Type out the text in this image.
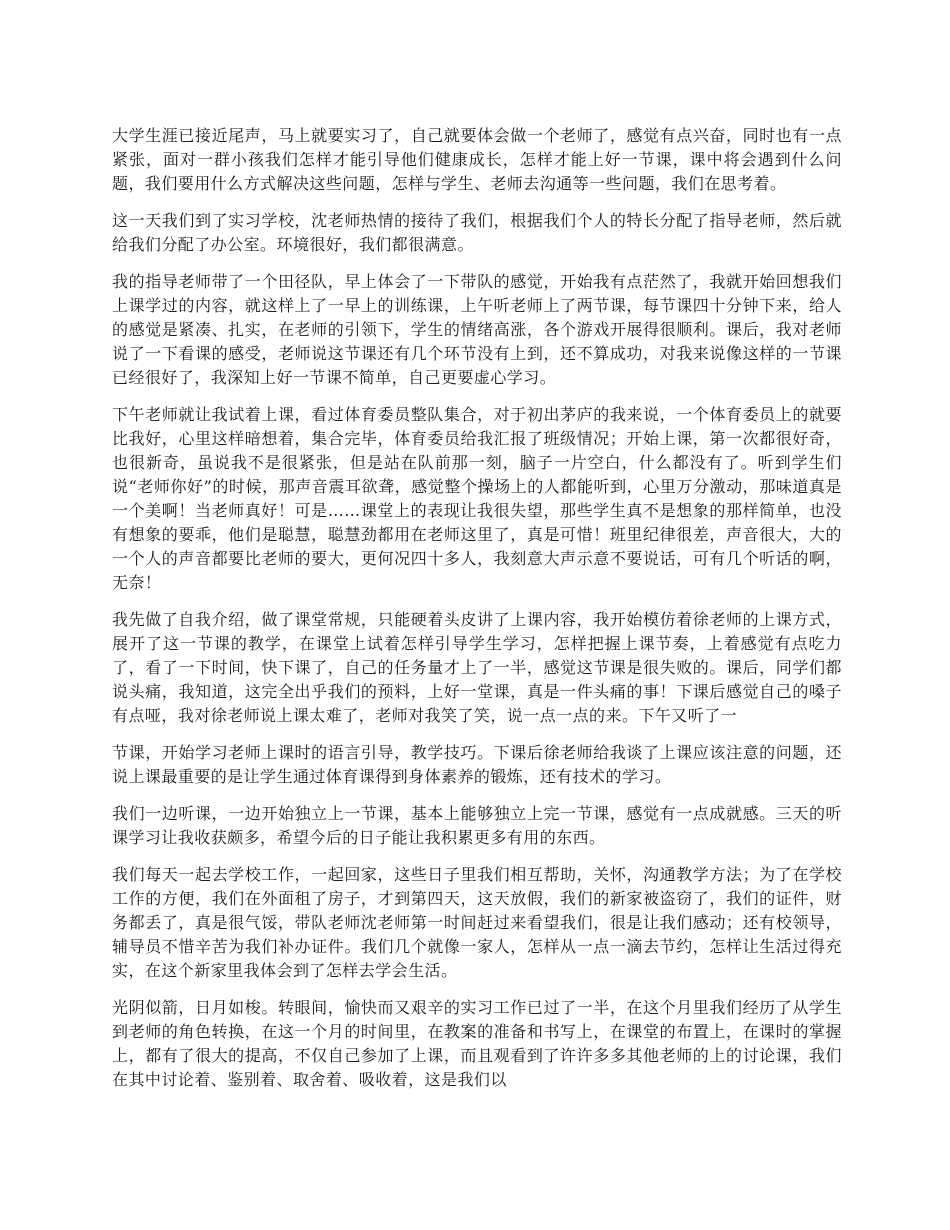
大学生涯已接近尾声，马上就要实习了，自己就要体会做一个老师了，感觉有点兴奋，同时也有一点紧张，面对一群小孩我们怎样才能引导他们健康成长，怎样才能上好一节课，课中将会遇到什么问题，我们要用什么方式解决这些问题，怎样与学生、老师去沟通等一些问题，我们在思考着。

这一天我们到了实习学校，沈老师热情的接待了我们，根据我们个人的特长分配了指导老师，然后就给我们分配了办公室。环境很好，我们都很满意。

我的指导老师带了一个田径队，早上体会了一下带队的感觉，开始我有点茫然了，我就开始回想我们上课学过的内容，就这样上了一早上的训练课，上午听老师上了两节课，每节课四十分钟下来，给人的感觉是紧凑、扎实，在老师的引领下，学生的情绪高涨，各个游戏开展得很顺利。课后，我对老师说了一下看课的感受，老师说这节课还有几个环节没有上到，还不算成功，对我来说像这样的一节课已经很好了，我深知上好一节课不简单，自己更要虚心学习。

下午老师就让我试着上课，看过体育委员整队集合，对于初出茅庐的我来说，一个体育委员上的就要比我好，心里这样暗想着，集合完毕，体育委员给我汇报了班级情况；开始上课，第一次都很好奇，也很新奇，虽说我不是很紧张，但是站在队前那一刻，脑子一片空白，什么都没有了。听到学生们说“老师你好”的时候，那声音震耳欲聋，感觉整个操场上的人都能听到，心里万分激动，那味道真是一个美啊！当老师真好！可是……课堂上的表现让我很失望，那些学生真不是想象的那样简单，也没有想象的要乖，他们是聪慧，聪慧劲都用在老师这里了，真是可惜！班里纪律很差，声音很大，大的一个人的声音都要比老师的要大，更何况四十多人，我刻意大声示意不要说话，可有几个听话的啊，无奈！

我先做了自我介绍，做了课堂常规，只能硬着头皮讲了上课内容，我开始模仿着徐老师的上课方式，展开了这一节课的教学，在课堂上试着怎样引导学生学习，怎样把握上课节奏，上着感觉有点吃力了，看了一下时间，快下课了，自己的任务量才上了一半，感觉这节课是很失败的。课后，同学们都说头痛，我知道，这完全出乎我们的预料，上好一堂课，真是一件头痛的事！下课后感觉自己的嗓子有点哑，我对徐老师说上课太难了，老师对我笑了笑，说一点一点的来。下午又听了一

节课，开始学习老师上课时的语言引导，教学技巧。下课后徐老师给我谈了上课应该注意的问题，还说上课最重要的是让学生通过体育课得到身体素养的锻炼，还有技术的学习。

我们一边听课，一边开始独立上一节课，基本上能够独立上完一节课，感觉有一点成就感。三天的听课学习让我收获颇多，希望今后的日子能让我积累更多有用的东西。

我们每天一起去学校工作，一起回家，这些日子里我们相互帮助，关怀，沟通教学方法；为了在学校工作的方便，我们在外面租了房子，才到第四天，这天放假，我们的新家被盗窃了，我们的证件，财务都丢了，真是很气馁，带队老师沈老师第一时间赶过来看望我们，很是让我们感动；还有校领导，辅导员不惜辛苦为我们补办证件。我们几个就像一家人，怎样从一点一滴去节约，怎样让生活过得充实，在这个新家里我体会到了怎样去学会生活。

光阴似箭，日月如梭。转眼间，愉快而又艰辛的实习工作已过了一半，在这个月里我们经历了从学生到老师的角色转换，在这一个月的时间里，在教案的准备和书写上，在课堂的布置上，在课时的掌握上，都有了很大的提高，不仅自己参加了上课，而且观看到了许许多多其他老师的上的讨论课，我们在其中讨论着、鉴别着、取舍着、吸收着，这是我们以
